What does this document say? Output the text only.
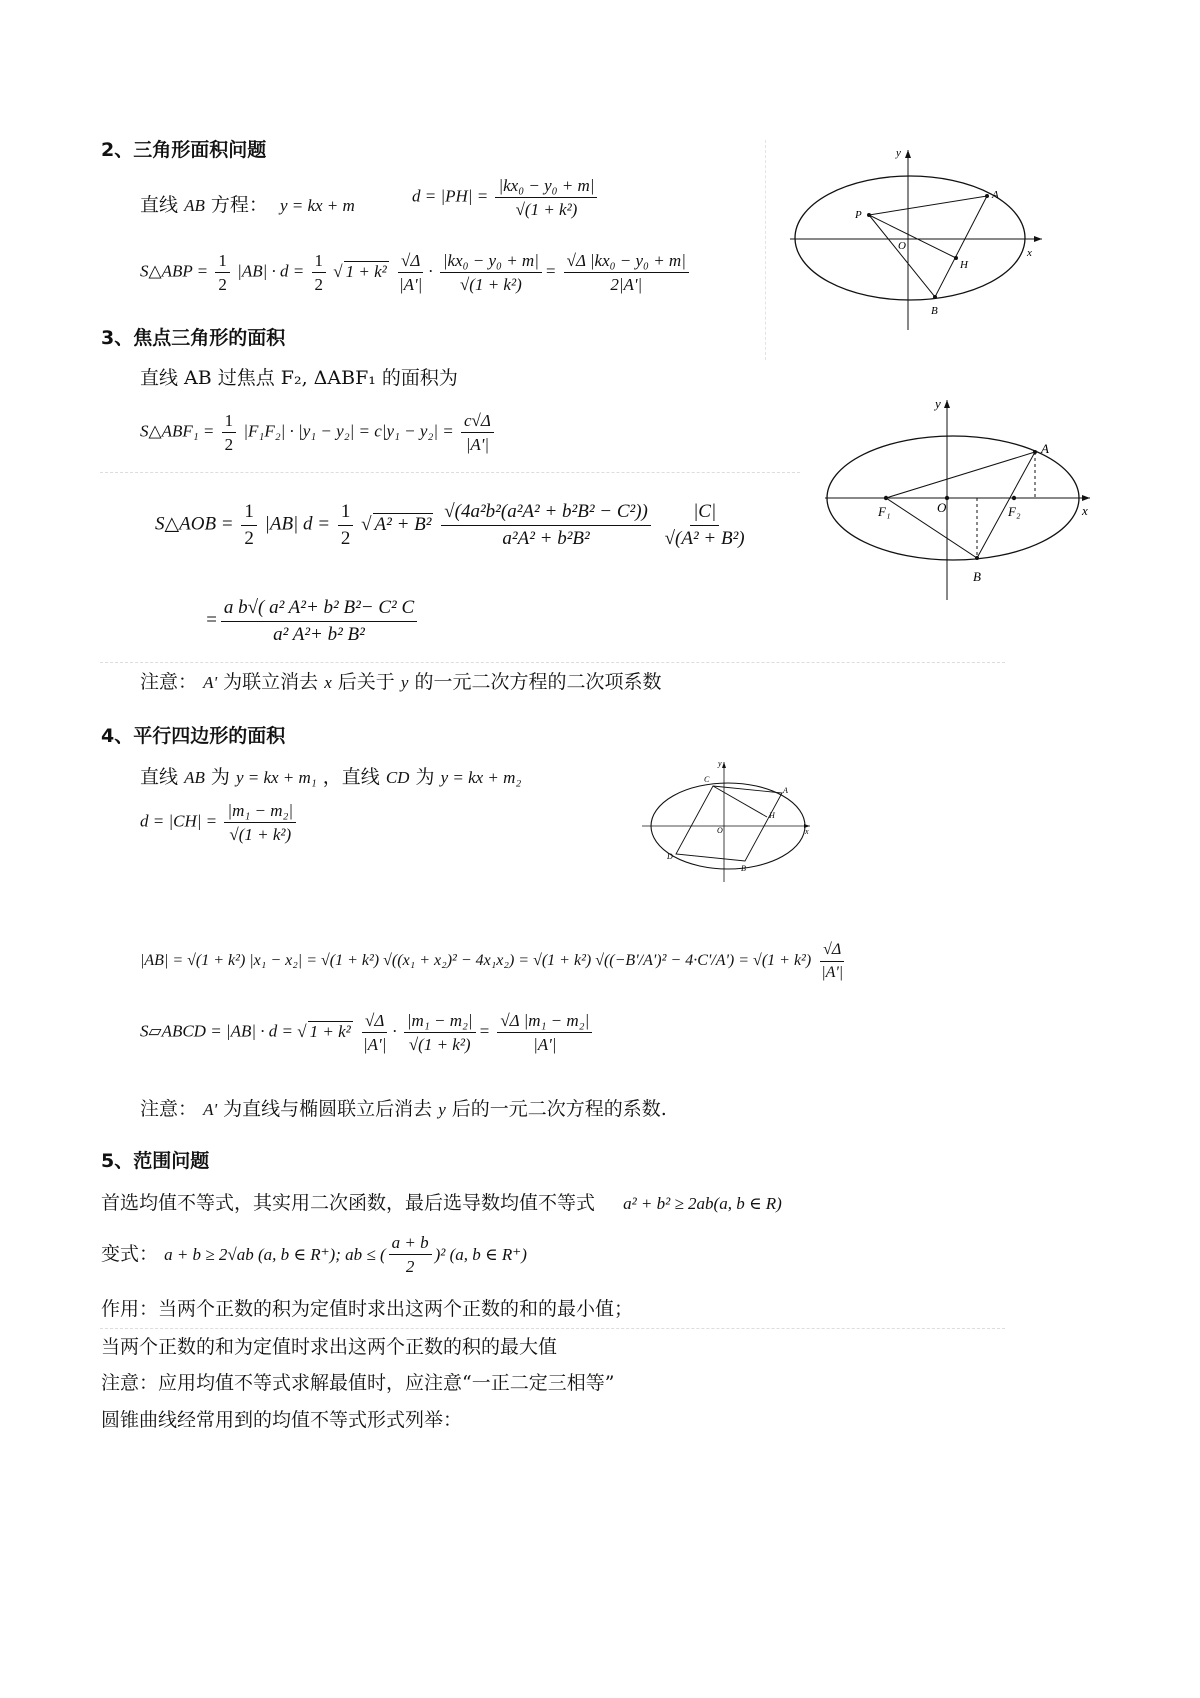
2、三角形面积问题
直线 AB 方程： y = kx + m	$d = |PH| = \frac{\text{|kx₀ − y₀ + m|}}{\text{√(1 + k²)}}$
S△ABP = $\frac{1}{2} |AB| \cdot d = \frac{1}{2}$ √ $1 + k^2 \frac{√\Delta}{|A'|} \cdot \frac{\text{|kx₀ − y₀ + m|}}{\text{√(1 + k²)}} = \frac{\text{√Δ |kx₀ − y₀ + m|}}{2|A'|}$
y
x
A
P
O
H
B
3、焦点三角形的面积
直线 AB 过焦点 F₂, ΔABF₁ 的面积为
S△ABF₁ = $\frac{1}{2} |F_1F_2| \cdot |y_1 - y_2| = c|y_1 - y_2| = \frac{c√\Delta}{|A'|}$
S△AOB = $\frac{1}{2} |AB|$ $d = \frac{1}{2}$ √ $A^2 + B^2 \frac{\text{√(4a²b²(a²A² + b²B² − C²))}}{\text{a²A² + b²B²}}$
$\frac{|C|}{\text{√(A² + B²)}}$
= $\frac{\text{a b√( a² A²+ b² B²− C² C}}{\text{a² A²+ b² B²}}$
注意： A' 为联立消去 x 后关于 y 的一元二次方程的二次项系数
y
x
A
F₁	O	F₂
B
4、平行四边形的面积
直线 AB 为 y = kx + m₁ ，直线 CD 为 y = kx + m₂
$d = |CH| = \frac{\text{|m₁ − m₂|}}{\text{√(1 + k²)}}$
y
x
C
A
H
O
D
B
|AB| = √(1 + k²) |x₁ − x₂| = √(1 + k²) √((x₁ + x₂)² − 4x₁x₂) = √(1 + k²) $√((-B'/A')^2 - 4\cdot C'/A') = √(1 + k^2) \frac{√\Delta}{|A'|}$
S▱ABCD = |AB| · d = √ $1 + k^2 \frac{√\Delta}{|A'|} \cdot \frac{\text{|m₁ − m₂|}}{\text{√(1 + k²)}} = \frac{\text{√Δ |m₁ − m₂|}}{|A'|}$
注意： A' 为直线与椭圆联立后消去 y 后的一元二次方程的系数.
5、范围问题
首选均值不等式，其实用二次函数，最后选导数均值不等式 a² + b² ≥ 2ab(a, b ∈ R)
变式： a + b ≥ 2√ab (a, b ∈ R⁺); ab ≤ ( $\frac{a + b}{2} )^2$ (a, b ∈ R⁺)
作用：当两个正数的积为定值时求出这两个正数的和的最小值；
当两个正数的和为定值时求出这两个正数的积的最大值
注意：应用均值不等式求解最值时，应注意“一正二定三相等”
圆锥曲线经常用到的均值不等式形式列举：
